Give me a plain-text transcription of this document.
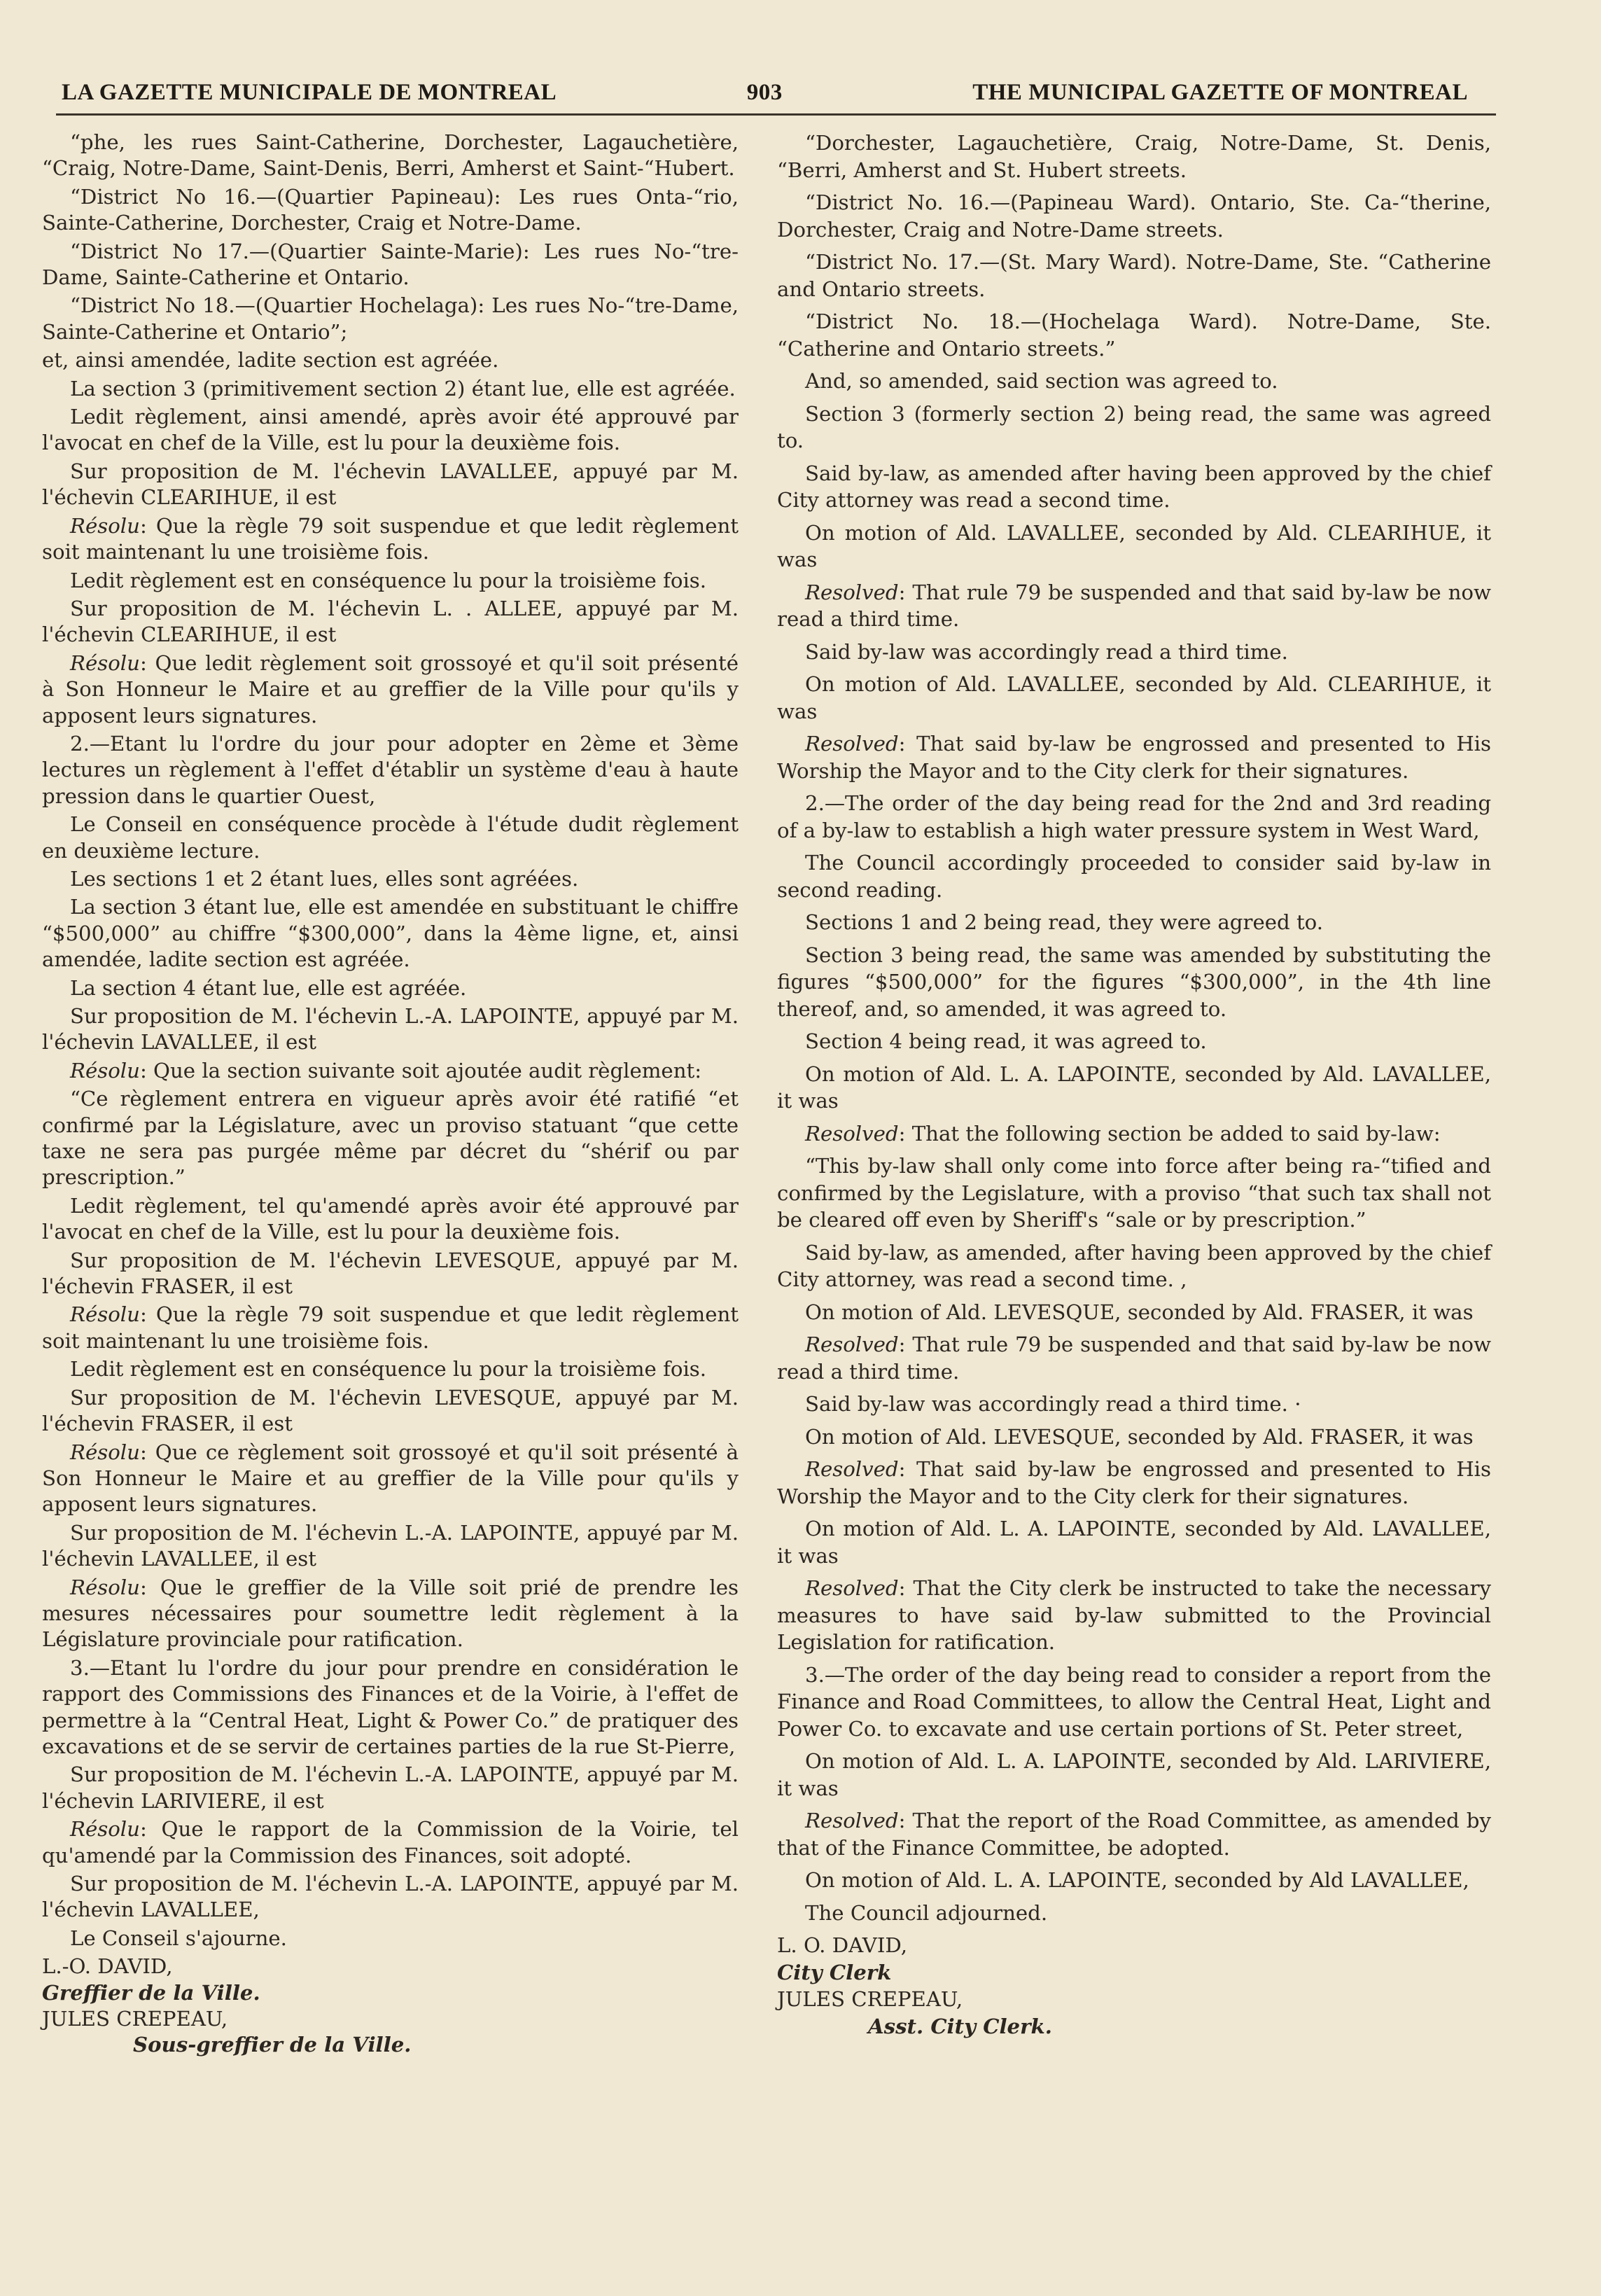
LA GAZETTE MUNICIPALE DE MONTREAL	903	THE MUNICIPAL GAZETTE OF MONTREAL

“phe, les rues Saint-Catherine, Dorchester, Lagauchetière, “Craig, Notre-Dame, Saint-Denis, Berri, Amherst et Saint-“Hubert.

“District No 16.—(Quartier Papineau): Les rues Onta-“rio, Sainte-Catherine, Dorchester, Craig et Notre-Dame.

“District No 17.—(Quartier Sainte-Marie): Les rues No-“tre-Dame, Sainte-Catherine et Ontario.

“District No 18.—(Quartier Hochelaga): Les rues No-“tre-Dame, Sainte-Catherine et Ontario”;

et, ainsi amendée, ladite section est agréée.

La section 3 (primitivement section 2) étant lue, elle est agréée.

Ledit règlement, ainsi amendé, après avoir été approuvé par l'avocat en chef de la Ville, est lu pour la deuxième fois.

Sur proposition de M. l'échevin LAVALLEE, appuyé par M. l'échevin CLEARIHUE, il est

Résolu: Que la règle 79 soit suspendue et que ledit règlement soit maintenant lu une troisième fois.

Ledit règlement est en conséquence lu pour la troisième fois.

Sur proposition de M. l'échevin L. . ALLEE, appuyé par M. l'échevin CLEARIHUE, il est

Résolu: Que ledit règlement soit grossoyé et qu'il soit présenté à Son Honneur le Maire et au greffier de la Ville pour qu'ils y apposent leurs signatures.

2.—Etant lu l'ordre du jour pour adopter en 2ème et 3ème lectures un règlement à l'effet d'établir un système d'eau à haute pression dans le quartier Ouest,

Le Conseil en conséquence procède à l'étude dudit règlement en deuxième lecture.

Les sections 1 et 2 étant lues, elles sont agréées.

La section 3 étant lue, elle est amendée en substituant le chiffre “$500,000” au chiffre “$300,000”, dans la 4ème ligne, et, ainsi amendée, ladite section est agréée.

La section 4 étant lue, elle est agréée.

Sur proposition de M. l'échevin L.-A. LAPOINTE, appuyé par M. l'échevin LAVALLEE, il est

Résolu: Que la section suivante soit ajoutée audit règlement:

“Ce règlement entrera en vigueur après avoir été ratifié “et confirmé par la Législature, avec un proviso statuant “que cette taxe ne sera pas purgée même par décret du “shérif ou par prescription.”

Ledit règlement, tel qu'amendé après avoir été approuvé par l'avocat en chef de la Ville, est lu pour la deuxième fois.

Sur proposition de M. l'échevin LEVESQUE, appuyé par M. l'échevin FRASER, il est

Résolu: Que la règle 79 soit suspendue et que ledit règlement soit maintenant lu une troisième fois.

Ledit règlement est en conséquence lu pour la troisième fois.

Sur proposition de M. l'échevin LEVESQUE, appuyé par M. l'échevin FRASER, il est

Résolu: Que ce règlement soit grossoyé et qu'il soit présenté à Son Honneur le Maire et au greffier de la Ville pour qu'ils y apposent leurs signatures.

Sur proposition de M. l'échevin L.-A. LAPOINTE, appuyé par M. l'échevin LAVALLEE, il est

Résolu: Que le greffier de la Ville soit prié de prendre les mesures nécessaires pour soumettre ledit règlement à la Législature provinciale pour ratification.

3.—Etant lu l'ordre du jour pour prendre en considération le rapport des Commissions des Finances et de la Voirie, à l'effet de permettre à la “Central Heat, Light & Power Co.” de pratiquer des excavations et de se servir de certaines parties de la rue St-Pierre,

Sur proposition de M. l'échevin L.-A. LAPOINTE, appuyé par M. l'échevin LARIVIERE, il est

Résolu: Que le rapport de la Commission de la Voirie, tel qu'amendé par la Commission des Finances, soit adopté.

Sur proposition de M. l'échevin L.-A. LAPOINTE, appuyé par M. l'échevin LAVALLEE,

Le Conseil s'ajourne.

L.-O. DAVID,

Greffier de la Ville.

JULES CREPEAU,

Sous-greffier de la Ville.

“Dorchester, Lagauchetière, Craig, Notre-Dame, St. Denis, “Berri, Amherst and St. Hubert streets.

“District No. 16.—(Papineau Ward). Ontario, Ste. Ca-“therine, Dorchester, Craig and Notre-Dame streets.

“District No. 17.—(St. Mary Ward). Notre-Dame, Ste. “Catherine and Ontario streets.

“District No. 18.—(Hochelaga Ward). Notre-Dame, Ste. “Catherine and Ontario streets.”

And, so amended, said section was agreed to.

Section 3 (formerly section 2) being read, the same was agreed to.

Said by-law, as amended after having been approved by the chief City attorney was read a second time.

On motion of Ald. LAVALLEE, seconded by Ald. CLEARIHUE, it was

Resolved: That rule 79 be suspended and that said by-law be now read a third time.

Said by-law was accordingly read a third time.

On motion of Ald. LAVALLEE, seconded by Ald. CLEARIHUE, it was

Resolved: That said by-law be engrossed and presented to His Worship the Mayor and to the City clerk for their signatures.

2.—The order of the day being read for the 2nd and 3rd reading of a by-law to establish a high water pressure system in West Ward,

The Council accordingly proceeded to consider said by-law in second reading.

Sections 1 and 2 being read, they were agreed to.

Section 3 being read, the same was amended by substituting the figures “$500,000” for the figures “$300,000”, in the 4th line thereof, and, so amended, it was agreed to.

Section 4 being read, it was agreed to.

On motion of Ald. L. A. LAPOINTE, seconded by Ald. LAVALLEE, it was

Resolved: That the following section be added to said by-law:

“This by-law shall only come into force after being ra-“tified and confirmed by the Legislature, with a proviso “that such tax shall not be cleared off even by Sheriff's “sale or by prescription.”

Said by-law, as amended, after having been approved by the chief City attorney, was read a second time. ,

On motion of Ald. LEVESQUE, seconded by Ald. FRASER, it was

Resolved: That rule 79 be suspended and that said by-law be now read a third time.

Said by-law was accordingly read a third time. ·

On motion of Ald. LEVESQUE, seconded by Ald. FRASER, it was

Resolved: That said by-law be engrossed and presented to His Worship the Mayor and to the City clerk for their signatures.

On motion of Ald. L. A. LAPOINTE, seconded by Ald. LAVALLEE, it was

Resolved: That the City clerk be instructed to take the necessary measures to have said by-law submitted to the Provincial Legislation for ratification.

3.—The order of the day being read to consider a report from the Finance and Road Committees, to allow the Central Heat, Light and Power Co. to excavate and use certain portions of St. Peter street,

On motion of Ald. L. A. LAPOINTE, seconded by Ald. LARIVIERE, it was

Resolved: That the report of the Road Committee, as amended by that of the Finance Committee, be adopted.

On motion of Ald. L. A. LAPOINTE, seconded by Ald LAVALLEE,

The Council adjourned.

L. O. DAVID,

City Clerk

JULES CREPEAU,

Asst. City Clerk.
